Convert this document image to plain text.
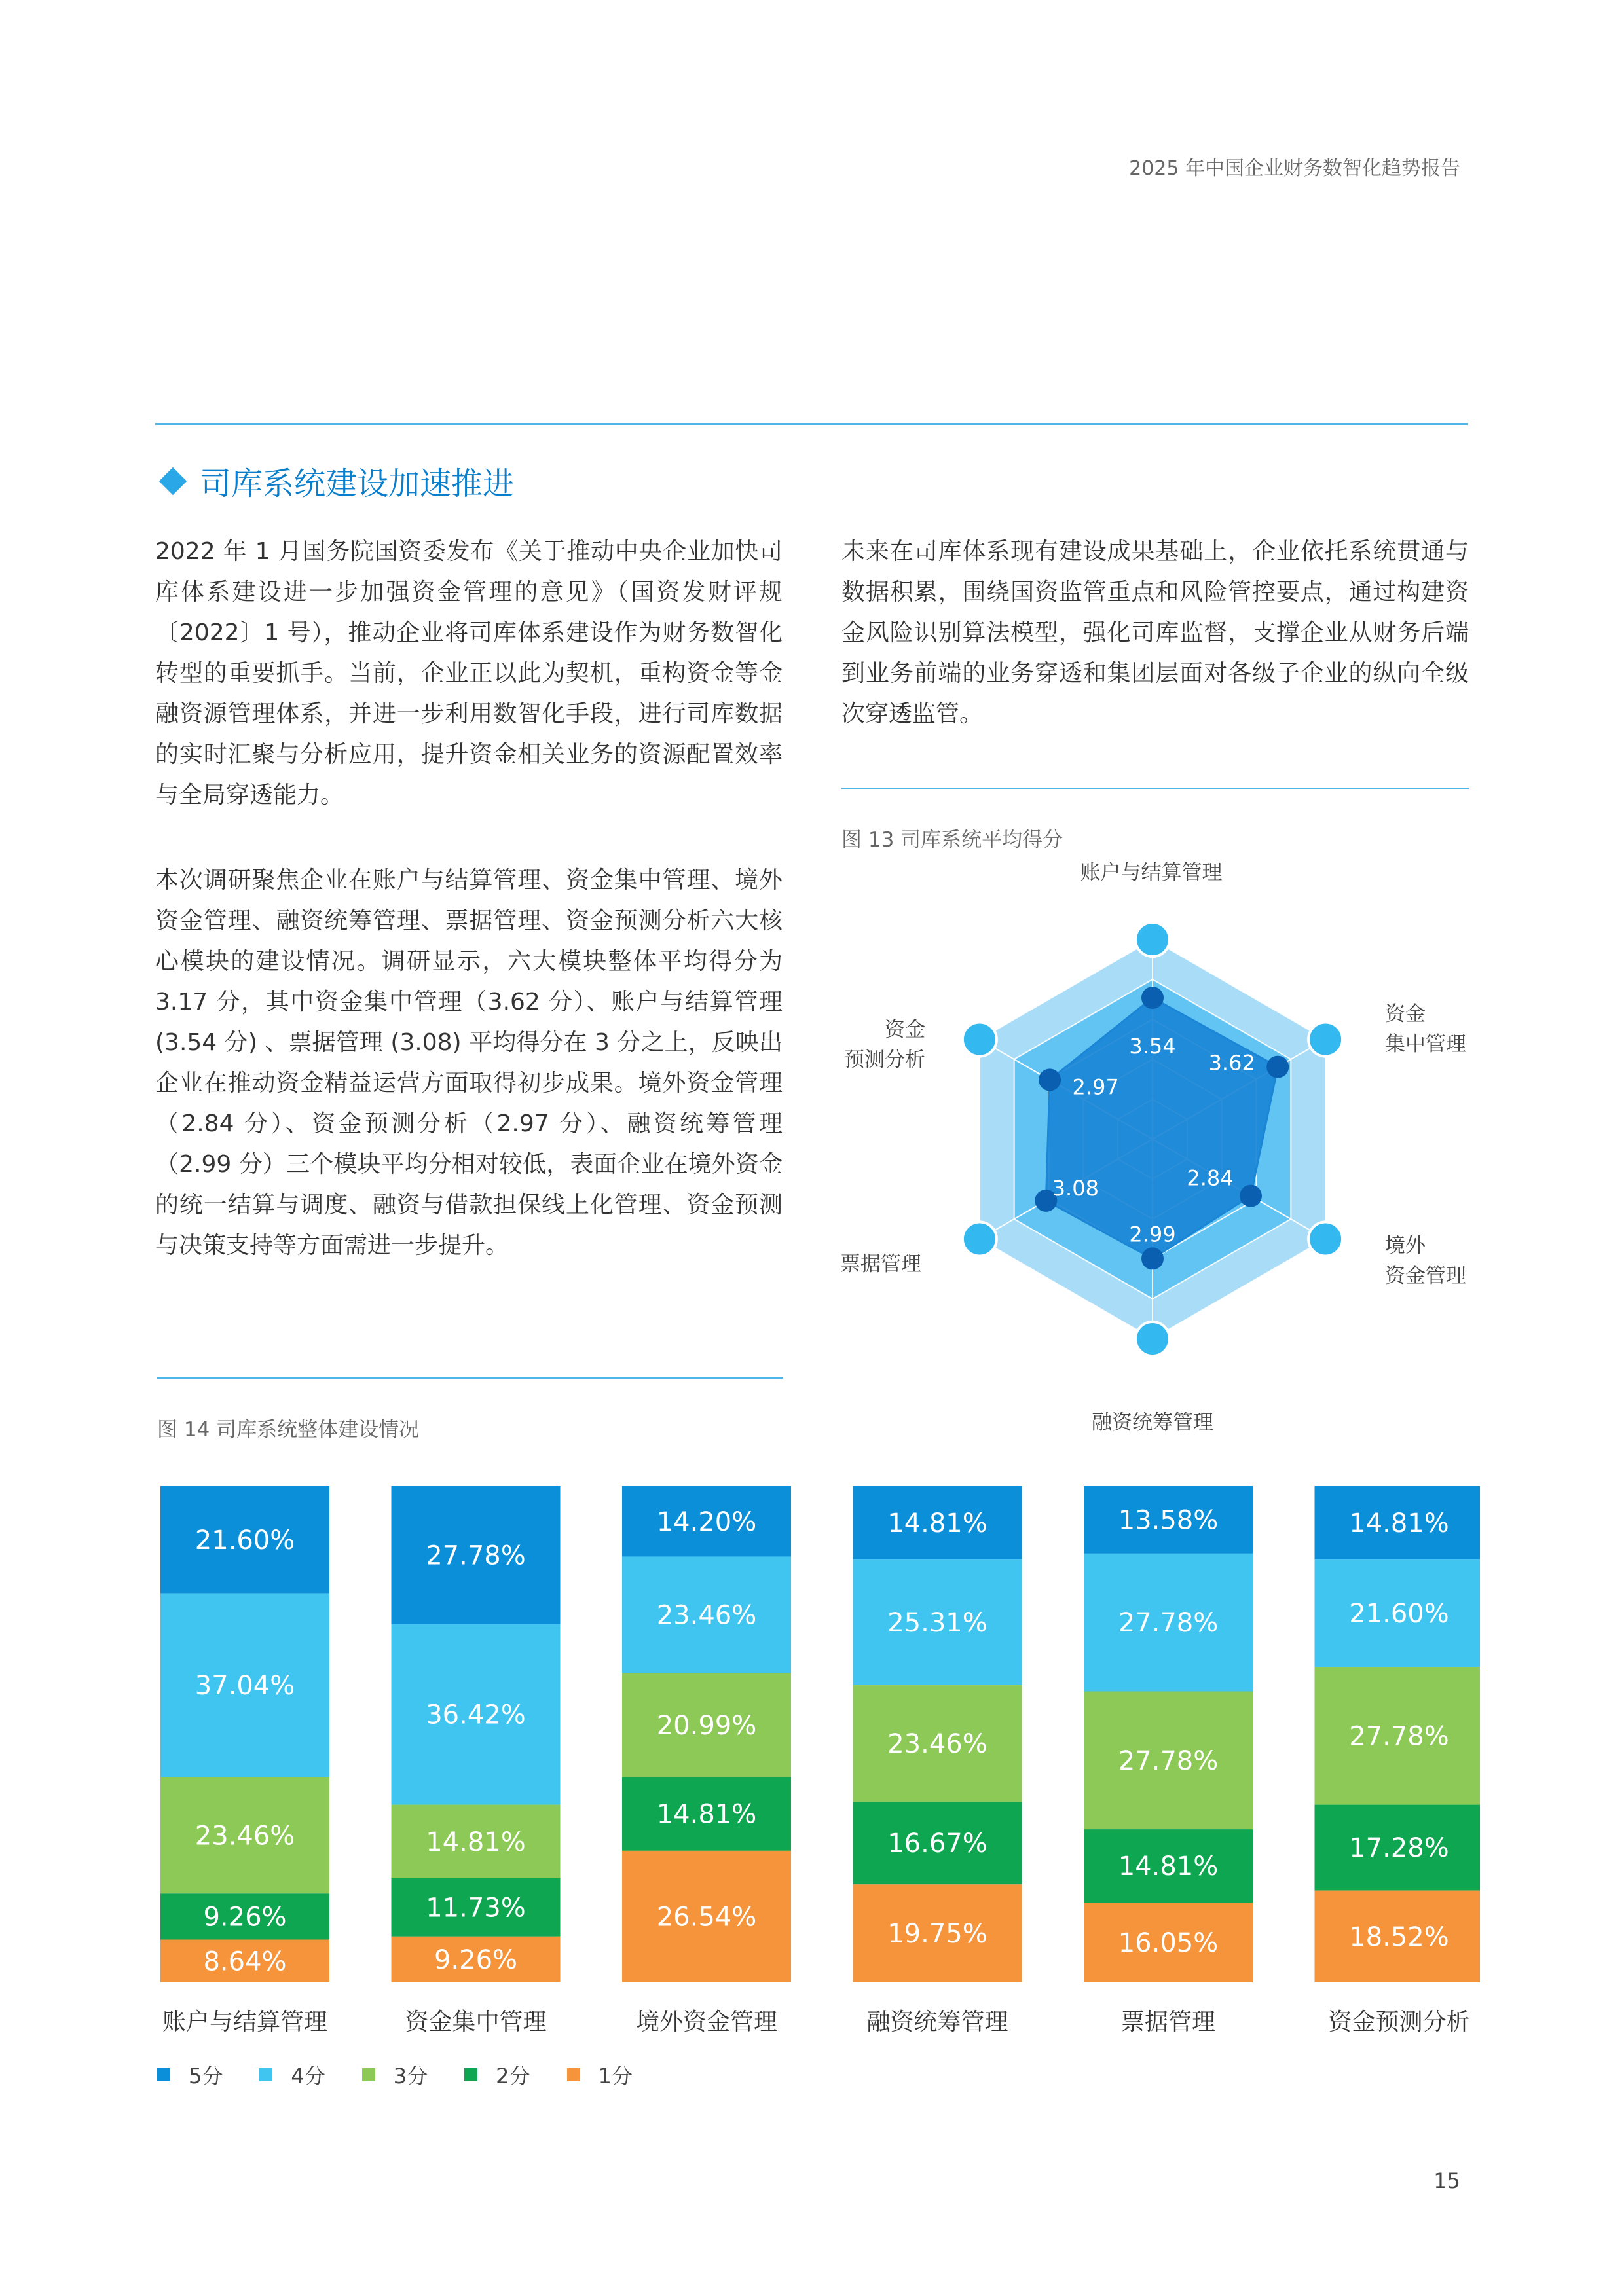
2025 年中国企业财务数智化趋势报告
司库系统建设加速推进

2022 年 1 月国务院国资委发布《关于推动中央企业加快司库体系建设进一步加强资金管理的意见》（国资发财评规〔2022〕1 号），推动企业将司库体系建设作为财务数智化转型的重要抓手。当前，企业正以此为契机，重构资金等金融资源管理体系，并进一步利用数智化手段，进行司库数据的实时汇聚与分析应用，提升资金相关业务的资源配置效率与全局穿透能力。

本次调研聚焦企业在账户与结算管理、资金集中管理、境外资金管理、融资统筹管理、票据管理、资金预测分析六大核心模块的建设情况。调研显示，六大模块整体平均得分为 3.17 分，其中资金集中管理（3.62 分）、账户与结算管理 (3.54 分) 、票据管理 (3.08) 平均得分在 3 分之上，反映出企业在推动资金精益运营方面取得初步成果。境外资金管理（2.84 分）、资金预测分析（2.97 分）、融资统筹管理（2.99 分）三个模块平均分相对较低，表面企业在境外资金的统一结算与调度、融资与借款担保线上化管理、资金预测与决策支持等方面需进一步提升。

未来在司库体系现有建设成果基础上，企业依托系统贯通与数据积累，围绕国资监管重点和风险管控要点，通过构建资金风险识别算法模型，强化司库监督，支撑企业从财务后端到业务前端的业务穿透和集团层面对各级子企业的纵向全级次穿透监管。

图 13 司库系统平均得分
3.54
3.62
2.84
2.99
3.08
2.97
账户与结算管理
资金
集中管理
境外
资金管理
融资统筹管理
票据管理
资金
预测分析
图 14 司库系统整体建设情况
21.60%
37.04%
23.46%
9.26%
8.64%
27.78%
36.42%
14.81%
11.73%
9.26%
14.20%
23.46%
20.99%
14.81%
26.54%
14.81%
25.31%
23.46%
16.67%
19.75%
13.58%
27.78%
27.78%
14.81%
16.05%
14.81%
21.60%
27.78%
17.28%
18.52%
账户与结算管理	资金集中管理	境外资金管理	融资统筹管理	票据管理	资金预测分析
5分	4分	3分	2分	1分
15
